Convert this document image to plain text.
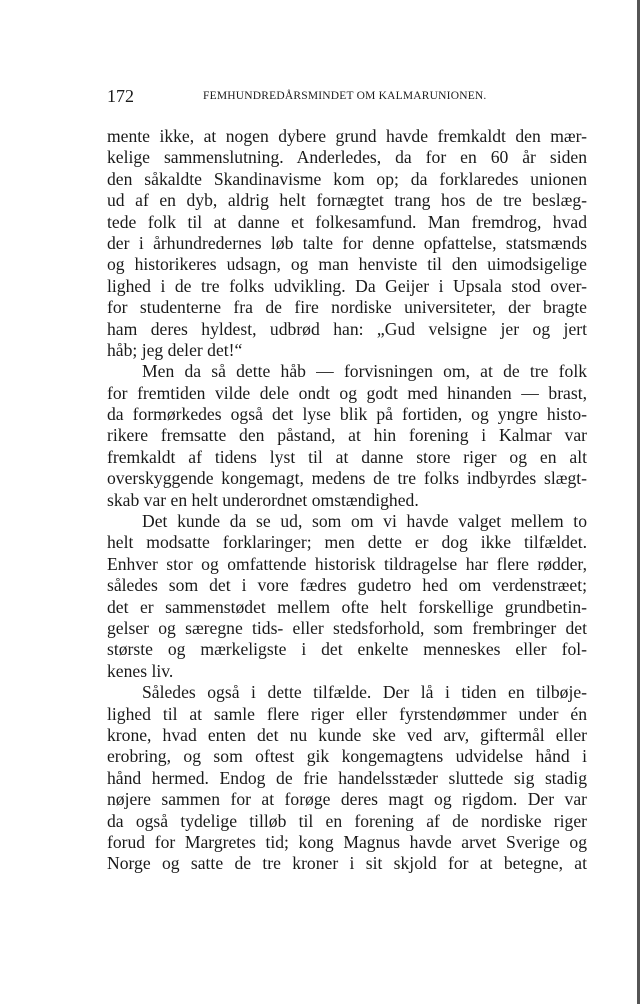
172	FEMHUNDREDÅRSMINDET OM KALMARUNIONEN.
mente ikke, at nogen dybere grund havde fremkaldt den mær-
kelige sammenslutning. Anderledes, da for en 60 år siden
den såkaldte Skandinavisme kom op; da forklaredes unionen
ud af en dyb, aldrig helt fornægtet trang hos de tre beslæg-
tede folk til at danne et folkesamfund. Man fremdrog, hvad
der i århundredernes løb talte for denne opfattelse, statsmænds
og historikeres udsagn, og man henviste til den uimodsigelige
lighed i de tre folks udvikling. Da Geijer i Upsala stod over-
for studenterne fra de fire nordiske universiteter, der bragte
ham deres hyldest, udbrød han: „Gud velsigne jer og jert
håb; jeg deler det!“
Men da så dette håb — forvisningen om, at de tre folk
for fremtiden vilde dele ondt og godt med hinanden — brast,
da formørkedes også det lyse blik på fortiden, og yngre histo-
rikere fremsatte den påstand, at hin forening i Kalmar var
fremkaldt af tidens lyst til at danne store riger og en alt
overskyggende kongemagt, medens de tre folks indbyrdes slægt-
skab var en helt underordnet omstændighed.
Det kunde da se ud, som om vi havde valget mellem to
helt modsatte forklaringer; men dette er dog ikke tilfældet.
Enhver stor og omfattende historisk tildragelse har flere rødder,
således som det i vore fædres gudetro hed om verdenstræet;
det er sammenstødet mellem ofte helt forskellige grundbetin-
gelser og særegne tids- eller stedsforhold, som frembringer det
største og mærkeligste i det enkelte menneskes eller fol-
kenes liv.
Således også i dette tilfælde. Der lå i tiden en tilbøje-
lighed til at samle flere riger eller fyrstendømmer under én
krone, hvad enten det nu kunde ske ved arv, giftermål eller
erobring, og som oftest gik kongemagtens udvidelse hånd i
hånd hermed. Endog de frie handelsstæder sluttede sig stadig
nøjere sammen for at forøge deres magt og rigdom. Der var
da også tydelige tilløb til en forening af de nordiske riger
forud for Margretes tid; kong Magnus havde arvet Sverige og
Norge og satte de tre kroner i sit skjold for at betegne, at
